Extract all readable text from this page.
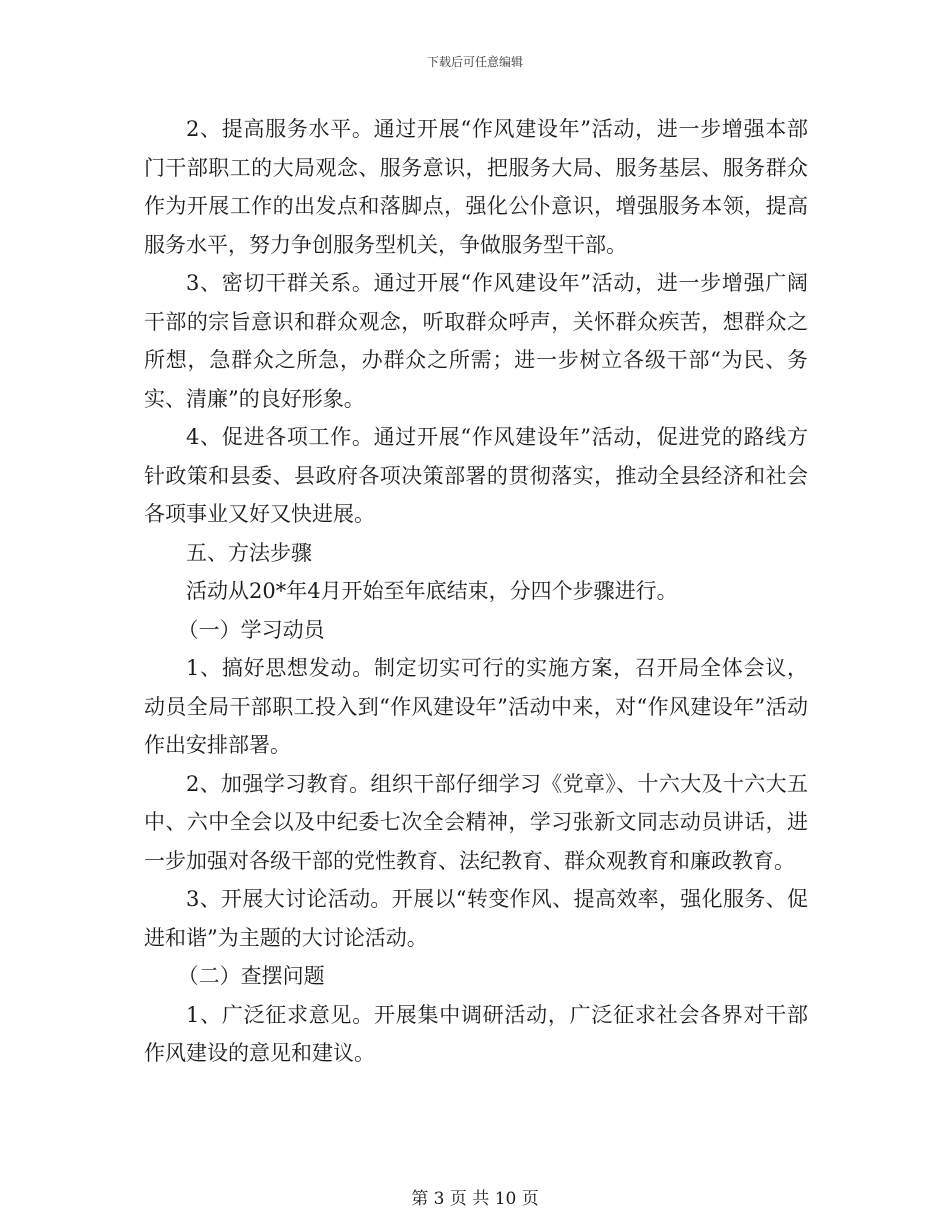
下载后可任意编辑

2、提高服务水平。通过开展“作风建设年”活动，进一步增强本部门干部职工的大局观念、服务意识，把服务大局、服务基层、服务群众作为开展工作的出发点和落脚点，强化公仆意识，增强服务本领，提高服务水平，努力争创服务型机关，争做服务型干部。

3、密切干群关系。通过开展“作风建设年”活动，进一步增强广阔干部的宗旨意识和群众观念，听取群众呼声，关怀群众疾苦，想群众之所想，急群众之所急，办群众之所需；进一步树立各级干部“为民、务实、清廉”的良好形象。

4、促进各项工作。通过开展“作风建设年”活动，促进党的路线方针政策和县委、县政府各项决策部署的贯彻落实，推动全县经济和社会各项事业又好又快进展。

五、方法步骤

活动从20*年4月开始至年底结束，分四个步骤进行。

（一）学习动员

1、搞好思想发动。制定切实可行的实施方案，召开局全体会议，动员全局干部职工投入到“作风建设年”活动中来，对“作风建设年”活动作出安排部署。

2、加强学习教育。组织干部仔细学习《党章》、十六大及十六大五中、六中全会以及中纪委七次全会精神，学习张新文同志动员讲话，进一步加强对各级干部的党性教育、法纪教育、群众观教育和廉政教育。

3、开展大讨论活动。开展以“转变作风、提高效率，强化服务、促进和谐”为主题的大讨论活动。

（二）查摆问题

1、广泛征求意见。开展集中调研活动，广泛征求社会各界对干部作风建设的意见和建议。

第 3 页 共 10 页
